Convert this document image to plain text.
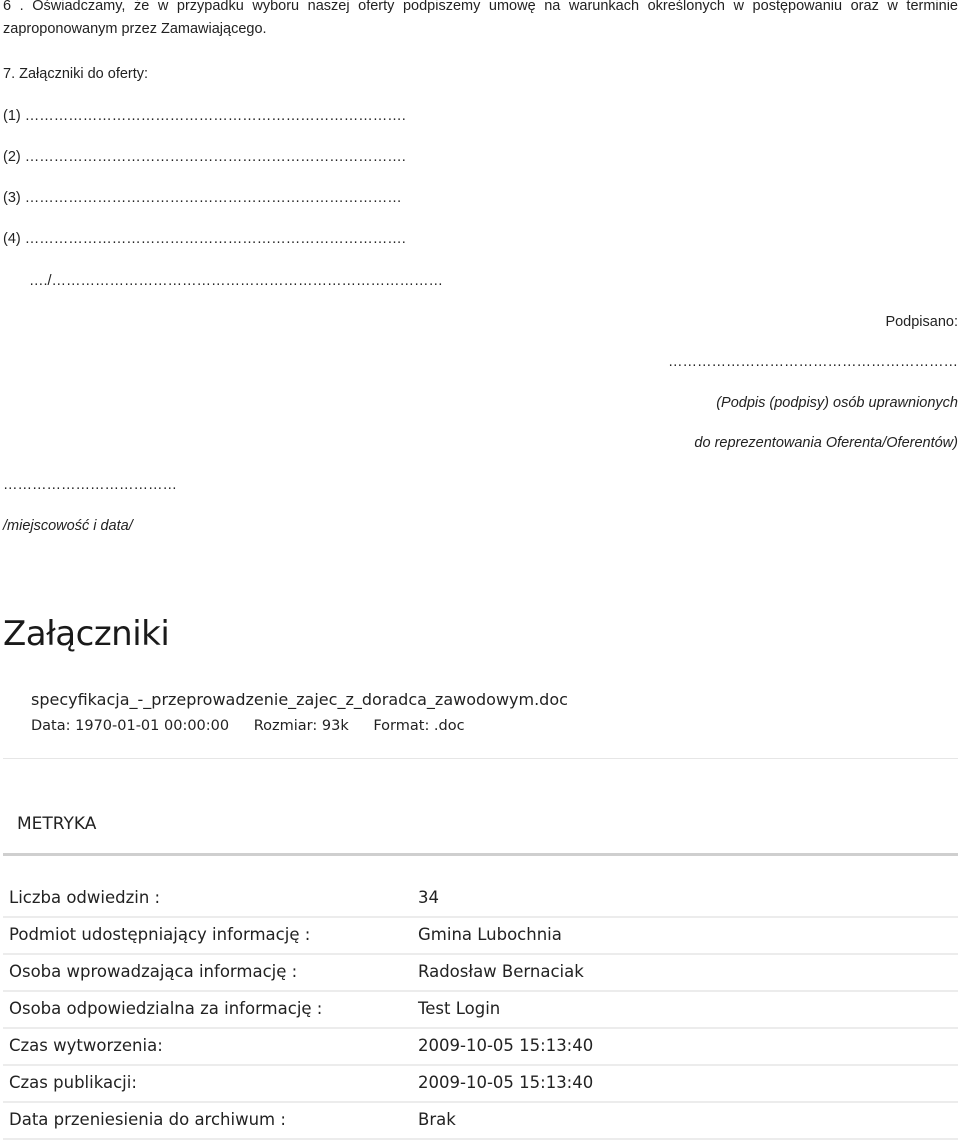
6 . Oświadczamy, że w przypadku wyboru naszej oferty podpiszemy umowę na warunkach określonych w postępowaniu oraz w terminie
zaproponowanym przez Zamawiającego.
7. Załączniki do oferty:
(1) …………………………………………………………………….
(2) …………………………………………………………………….
(3) ……………………………………………………………………
(4) …………………………………………………………………….
…./………………………………………………………………………
Podpisano:
……………………………………………………
(Podpis (podpisy) osób uprawnionych
do reprezentowania Oferenta/Oferentów)
………………………………
/miejscowość i data/
Załączniki
specyfikacja_-_przeprowadzenie_zajec_z_doradca_zawodowym.doc
Data: 1970-01-01 00:00:00 Rozmiar: 93k Format: .doc
METRYKA
Liczba odwiedzin :	34
Podmiot udostępniający informację :	Gmina Lubochnia
Osoba wprowadzająca informację :	Radosław Bernaciak
Osoba odpowiedzialna za informację :	Test Login
Czas wytworzenia:	2009-10-05 15:13:40
Czas publikacji:	2009-10-05 15:13:40
Data przeniesienia do archiwum :	Brak
